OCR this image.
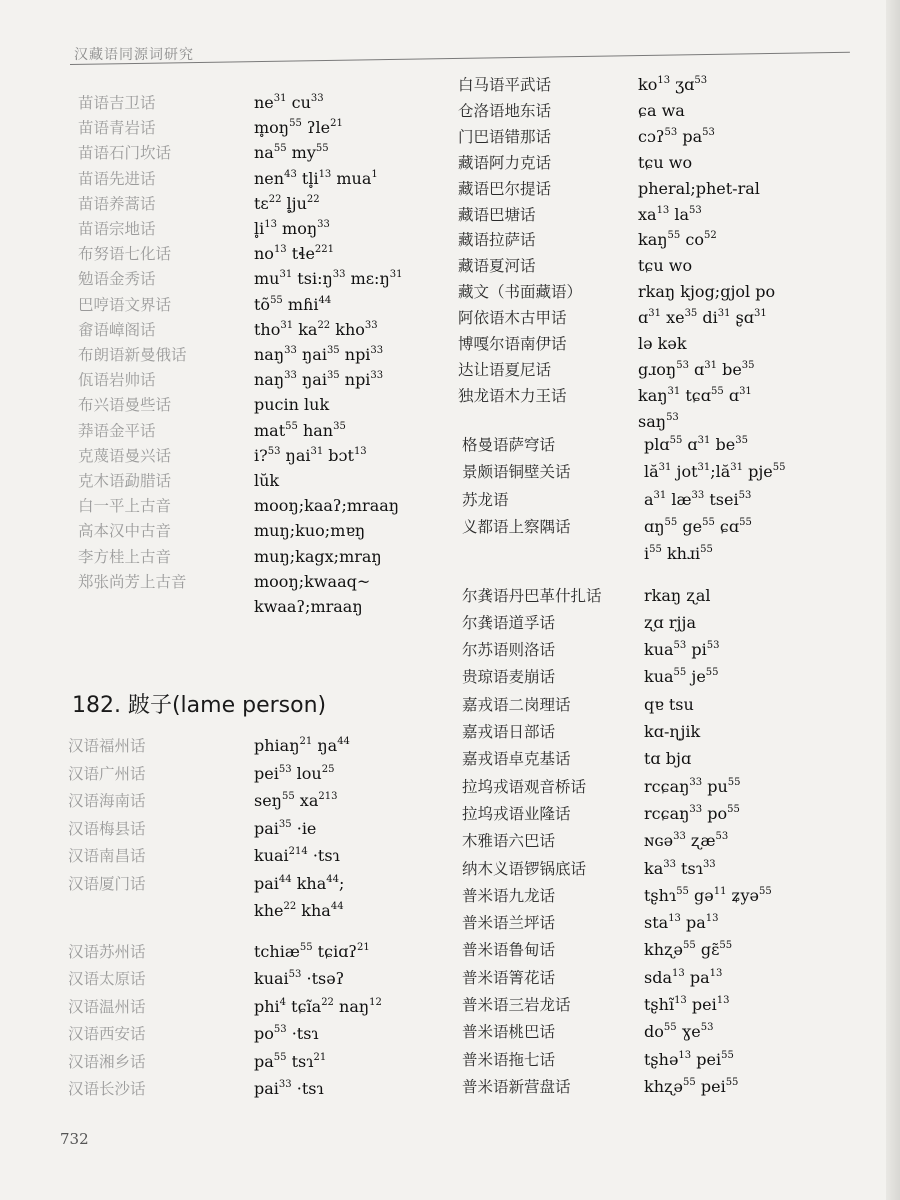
汉藏语同源词研究
苗语吉卫话	$ne^{31}$ $cu^{33}$
苗语青岩话	$m̥oŋ^{55}$ ʔle$^{21}$
苗语石门坎话	$na^{55}$ $my^{55}$
苗语先进话	nen$^{43}$ $tl̥i^{13}$ mua$^1$
苗语养蒿话	tɛ$^{22}$ $l̥ju^{22}$
苗语宗地话	$l̥i^{13}$ moŋ$^{33}$
布努语七化话	$no^{13}$ tɬe$^{221}$
勉语金秀话	$mu^{31}$ $tsi:ŋ^{33}$ $mɛ:ŋ^{31}$
巴哼语文界话	$tõ^{55}$ mɦi$^{44}$
畲语嶂阁话	tho$^{31}$ $ka^{22}$ kho$^{33}$
布朗语新曼俄话	naŋ$^{33}$ ŋai$^{35}$ npi$^{33}$
佤语岩帅话	naŋ$^{33}$ ŋai$^{35}$ npi$^{33}$
布兴语曼些话	pucin luk
莽语金平话	mat$^{55}$ han$^{35}$
克蔑语曼兴话	i?$^{53}$ ŋai$^{31}$ bɔt$^{13}$
克木语勐腊话	lŭk
白一平上古音	mooŋ;kaaʔ;mraaŋ
高本汉中古音	muŋ;kuo;mɐŋ
李方桂上古音	muŋ;kagx;mraŋ
郑张尚芳上古音	mooŋ;kwaaq~
kwaaʔ;mraaŋ
182. 跛子(lame person)
汉语福州话	phiaŋ$^{21}$ $ŋa^{44}$
汉语广州话	pei$^{53}$ lou$^{25}$
汉语海南话	seŋ$^{55}$ $xa^{213}$
汉语梅县话	pai$^{35}$ ·ie
汉语南昌话	kuai$^{214}$ ·tsɿ
汉语厦门话	pai$^{44}$ kha$^{44}$;
khe$^{22}$ kha$^{44}$
汉语苏州话	tchiæ$^{55}$ tɕiɑʔ$^{21}$
汉语太原话	kuai$^{53}$ ·tsəʔ
汉语温州话	phi$^4$ tɕĩa$^{22}$ naŋ$^{12}$
汉语西安话	$po^{53}$ ·tsɿ
汉语湘乡话	$pa^{55}$ tsɿ$^{21}$
汉语长沙话	pai$^{33}$ ·tsɿ
白马语平武话	$ko^{13}$ ʒɑ$^{53}$
仓洛语地东话	ɕa wa
门巴语错那话	cɔʔ$^{53}$ $pa^{53}$
藏语阿力克话	tɕu wo
藏语巴尔提话	pheral;phet-ral
藏语巴塘话	$xa^{13}$ $la^{53}$
藏语拉萨话	kaŋ$^{55}$ $co^{52}$
藏语夏河话	tɕu wo
藏文（书面藏语）	rkaŋ kjog;gjol po
阿依语木古甲话	ɑ$^{31}$ $xe^{35}$ $di^{31}$ ʂɑ$^{31}$
博嘎尔语南伊话	lə kək
达让语夏尼话	gɹoŋ$^{53}$ ɑ$^{31}$ $be^{35}$
独龙语木力王话	kaŋ$^{31}$ tɕɑ$^{55}$ ɑ$^{31}$
saŋ$^{53}$
格曼语萨穹话	plɑ$^{55}$ ɑ$^{31}$ $be^{35}$
景颇语铜壁关话	$lă^{31}$ $jot^{31};lă^{31}$ pje$^{55}$
苏龙语	$a^{31}$ $læ^{33}$ tsei$^{53}$
义都语上察隅话	ɑŋ$^{55}$ $ge^{55}$ ɕɑ$^{55}$
$i^{55}$ khɹi$^{55}$
尔龚语丹巴革什扎话	rkaŋ ʐal
尔龚语道孚话	ʐɑ rjja
尔苏语则洛话	kua$^{53}$ $pi^{53}$
贵琼语麦崩话	kua$^{55}$ $je^{55}$
嘉戎语二岗理话	qɐ tsu
嘉戎语日部话	kɑ-ɳjik
嘉戎语卓克基话	tɑ bjɑ
拉坞戎语观音桥话	rcɕaŋ$^{33}$ $pu^{55}$
拉坞戎语业隆话	rcɕaŋ$^{33}$ $po^{55}$
木雅语六巴话	ɴɢə$^{33}$ ʐæ$^{53}$
纳木义语锣锅底话	$ka^{33}$ tsɿ$^{33}$
普米语九龙话	tʂhɿ$^{55}$ gə$^{11}$ ʑyə$^{55}$
普米语兰坪话	sta$^{13}$ $pa^{13}$
普米语鲁甸话	khʐə$^{55}$ gɛ̃$^{55}$
普米语箐花话	sda$^{13}$ $pa^{13}$
普米语三岩龙话	tʂhĩ$^{13}$ pei$^{13}$
普米语桃巴话	$do^{55}$ ɣe$^{53}$
普米语拖七话	tʂhə$^{13}$ pei$^{55}$
普米语新营盘话	khʐə$^{55}$ pei$^{55}$
732
